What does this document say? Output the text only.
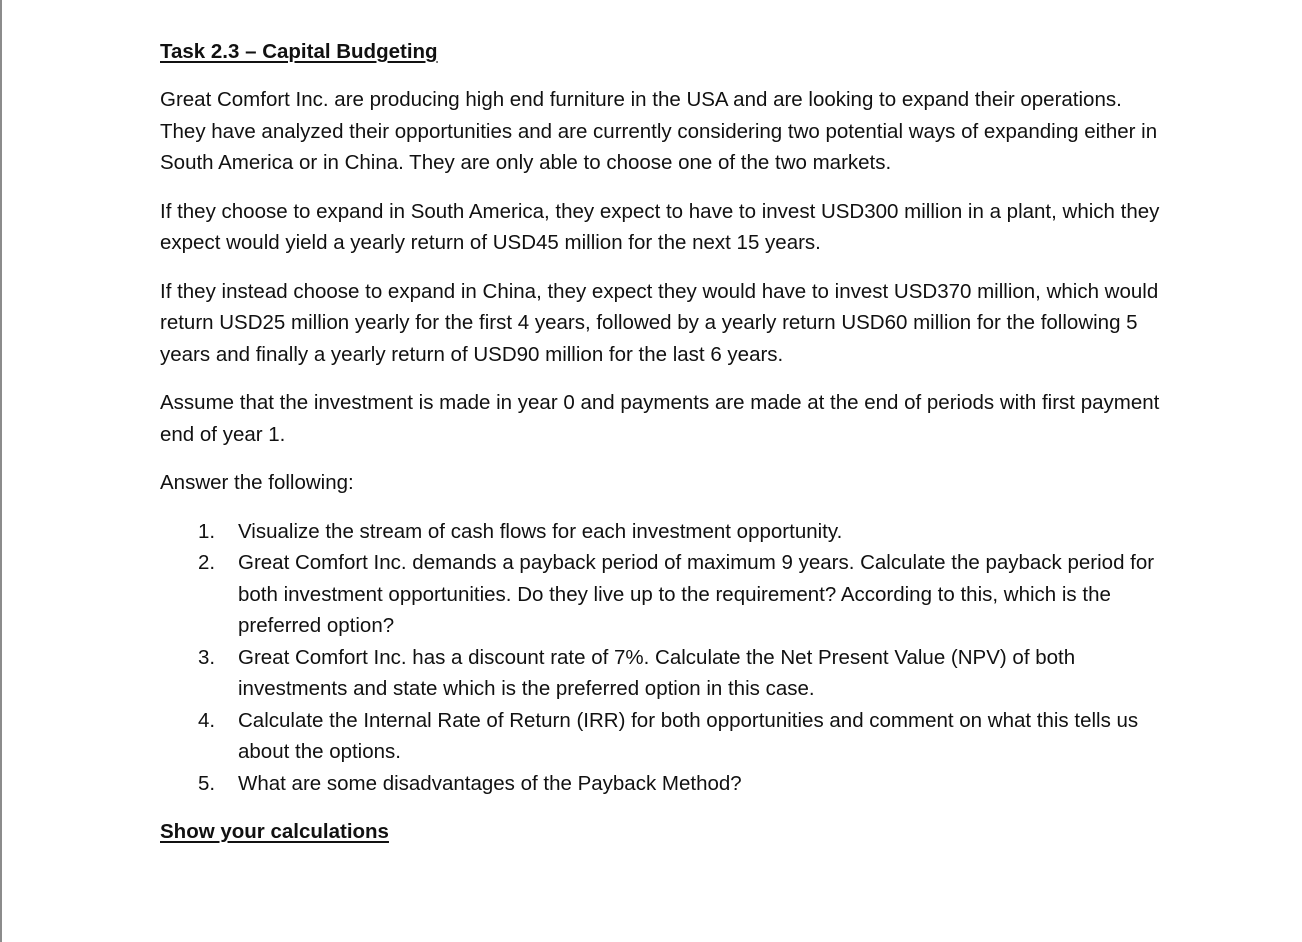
Task 2.3 – Capital Budgeting

Great Comfort Inc. are producing high end furniture in the USA and are looking to expand their operations. They have analyzed their opportunities and are currently considering two potential ways of expanding either in South America or in China. They are only able to choose one of the two markets.

If they choose to expand in South America, they expect to have to invest USD300 million in a plant, which they expect would yield a yearly return of USD45 million for the next 15 years.

If they instead choose to expand in China, they expect they would have to invest USD370 million, which would return USD25 million yearly for the first 4 years, followed by a yearly return USD60 million for the following 5 years and finally a yearly return of USD90 million for the last 6 years.

Assume that the investment is made in year 0 and payments are made at the end of periods with first payment end of year 1.

Answer the following:

1. Visualize the stream of cash flows for each investment opportunity.
2. Great Comfort Inc. demands a payback period of maximum 9 years. Calculate the payback period for both investment opportunities. Do they live up to the requirement? According to this, which is the preferred option?
3. Great Comfort Inc. has a discount rate of 7%. Calculate the Net Present Value (NPV) of both investments and state which is the preferred option in this case.
4. Calculate the Internal Rate of Return (IRR) for both opportunities and comment on what this tells us about the options.
5. What are some disadvantages of the Payback Method?
Show your calculations
